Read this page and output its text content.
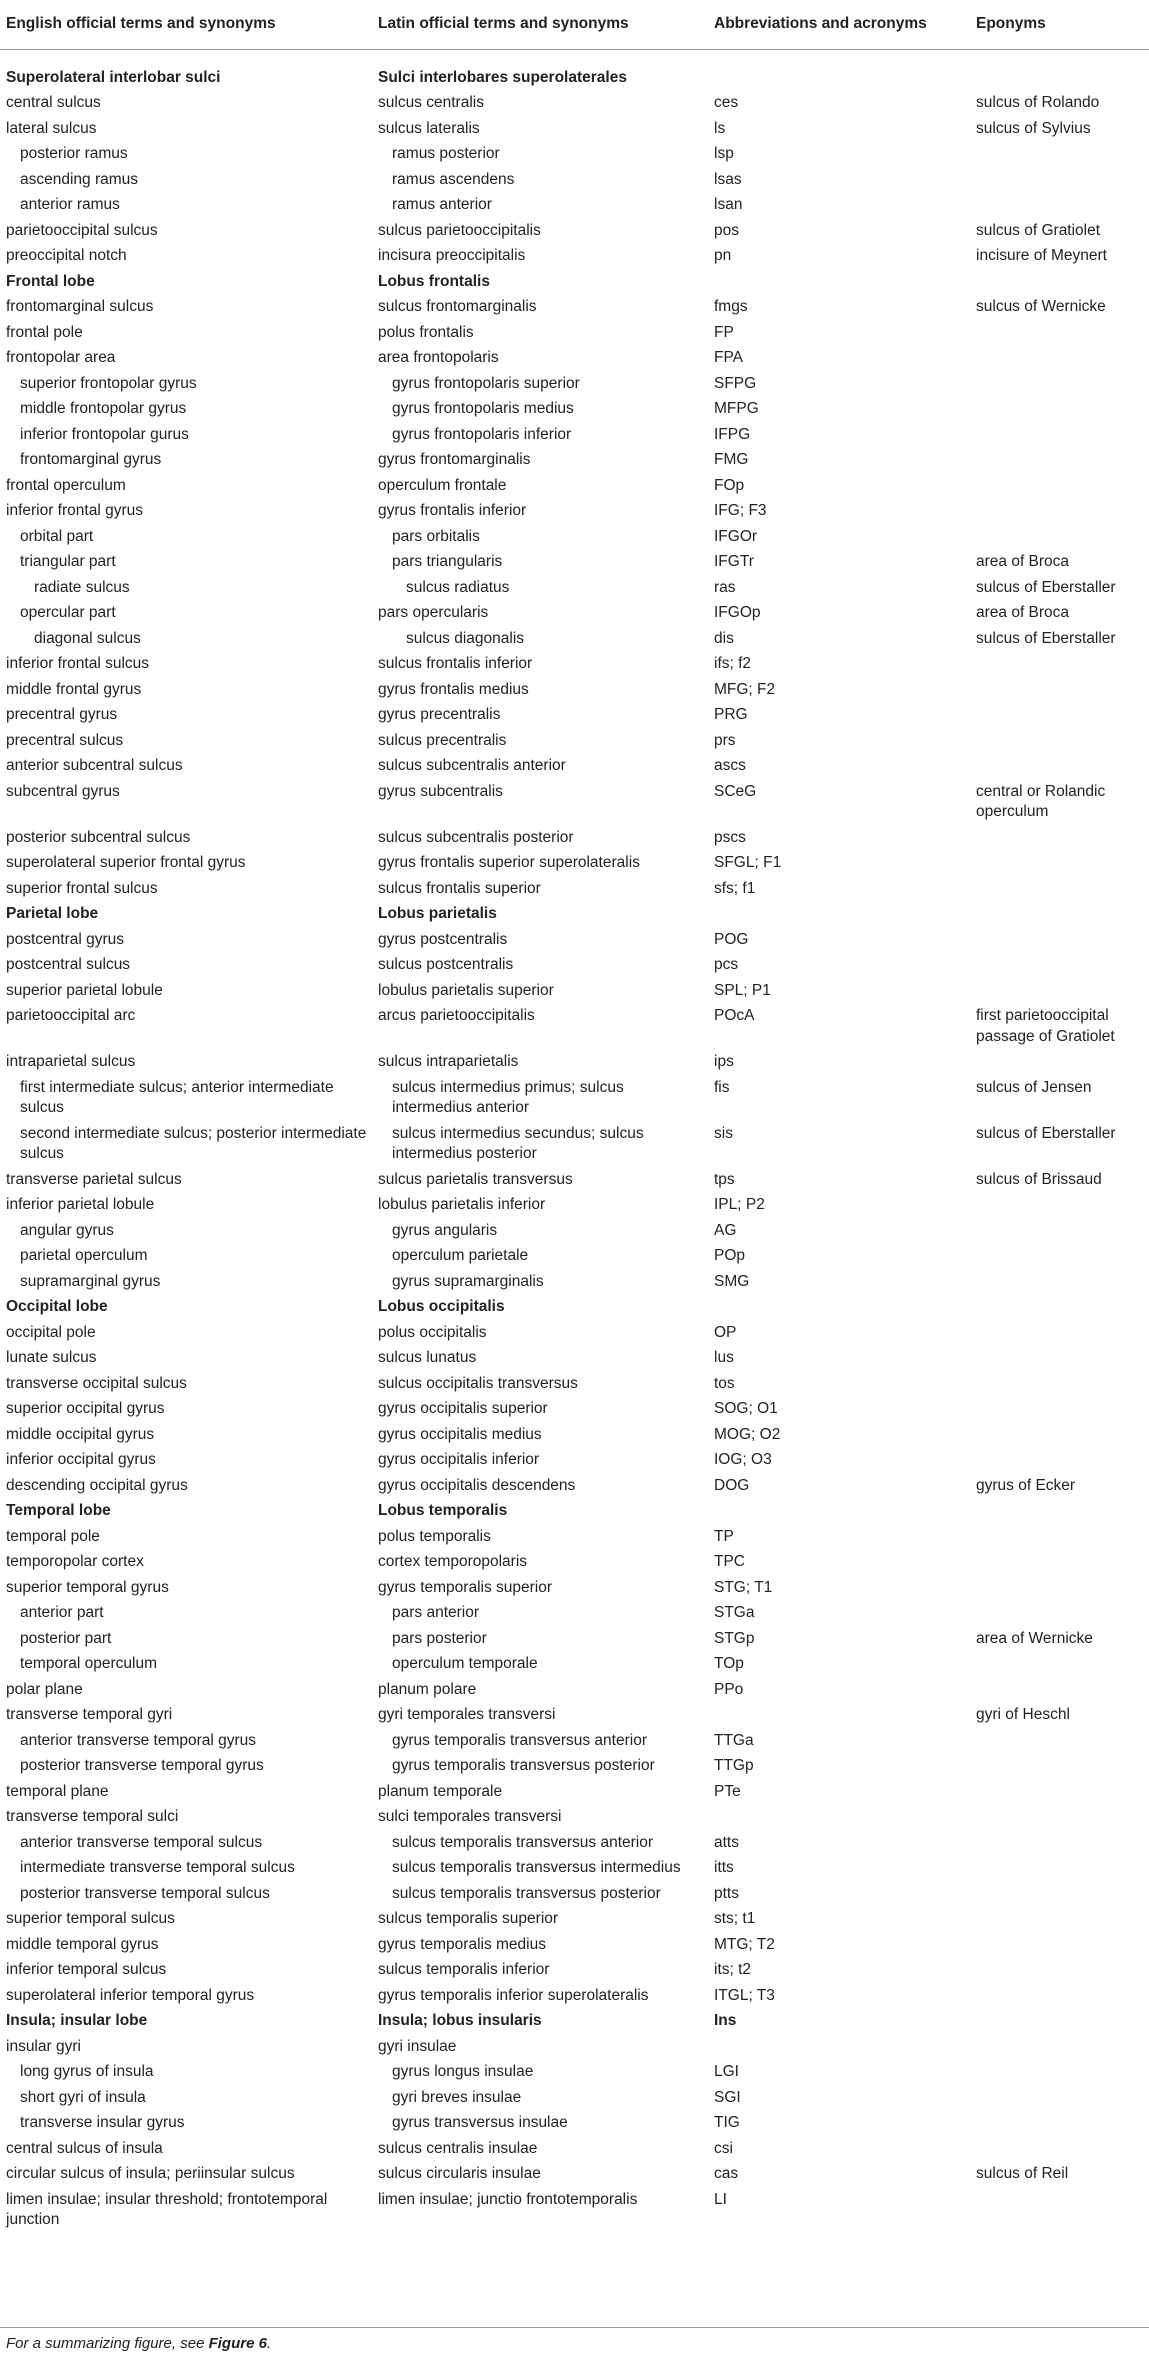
English official terms and synonyms	Latin official terms and synonyms	Abbreviations and acronyms	Eponyms
Superolateral interlobar sulci	Sulci interlobares superolaterales		
central sulcus	sulcus centralis	ces	sulcus of Rolando
lateral sulcus	sulcus lateralis	ls	sulcus of Sylvius
posterior ramus	ramus posterior	lsp	
ascending ramus	ramus ascendens	lsas	
anterior ramus	ramus anterior	lsan	
parietooccipital sulcus	sulcus parietooccipitalis	pos	sulcus of Gratiolet
preoccipital notch	incisura preoccipitalis	pn	incisure of Meynert
Frontal lobe	Lobus frontalis		
frontomarginal sulcus	sulcus frontomarginalis	fmgs	sulcus of Wernicke
frontal pole	polus frontalis	FP	
frontopolar area	area frontopolaris	FPA	
superior frontopolar gyrus	gyrus frontopolaris superior	SFPG	
middle frontopolar gyrus	gyrus frontopolaris medius	MFPG	
inferior frontopolar gurus	gyrus frontopolaris inferior	IFPG	
frontomarginal gyrus	gyrus frontomarginalis	FMG	
frontal operculum	operculum frontale	FOp	
inferior frontal gyrus	gyrus frontalis inferior	IFG; F3	
orbital part	pars orbitalis	IFGOr	
triangular part	pars triangularis	IFGTr	area of Broca
radiate sulcus	sulcus radiatus	ras	sulcus of Eberstaller
opercular part	pars opercularis	IFGOp	area of Broca
diagonal sulcus	sulcus diagonalis	dis	sulcus of Eberstaller
inferior frontal sulcus	sulcus frontalis inferior	ifs; f2	
middle frontal gyrus	gyrus frontalis medius	MFG; F2	
precentral gyrus	gyrus precentralis	PRG	
precentral sulcus	sulcus precentralis	prs	
anterior subcentral sulcus	sulcus subcentralis anterior	ascs	
subcentral gyrus	gyrus subcentralis	SCeG	central or Rolandic operculum
posterior subcentral sulcus	sulcus subcentralis posterior	pscs	
superolateral superior frontal gyrus	gyrus frontalis superior superolateralis	SFGL; F1	
superior frontal sulcus	sulcus frontalis superior	sfs; f1	
Parietal lobe	Lobus parietalis		
postcentral gyrus	gyrus postcentralis	POG	
postcentral sulcus	sulcus postcentralis	pcs	
superior parietal lobule	lobulus parietalis superior	SPL; P1	
parietooccipital arc	arcus parietooccipitalis	POcA	first parietooccipital passage of Gratiolet
intraparietal sulcus	sulcus intraparietalis	ips	
first intermediate sulcus; anterior intermediate sulcus	sulcus intermedius primus; sulcus intermedius anterior	fis	sulcus of Jensen
second intermediate sulcus; posterior intermediate sulcus	sulcus intermedius secundus; sulcus intermedius posterior	sis	sulcus of Eberstaller
transverse parietal sulcus	sulcus parietalis transversus	tps	sulcus of Brissaud
inferior parietal lobule	lobulus parietalis inferior	IPL; P2	
angular gyrus	gyrus angularis	AG	
parietal operculum	operculum parietale	POp	
supramarginal gyrus	gyrus supramarginalis	SMG	
Occipital lobe	Lobus occipitalis		
occipital pole	polus occipitalis	OP	
lunate sulcus	sulcus lunatus	lus	
transverse occipital sulcus	sulcus occipitalis transversus	tos	
superior occipital gyrus	gyrus occipitalis superior	SOG; O1	
middle occipital gyrus	gyrus occipitalis medius	MOG; O2	
inferior occipital gyrus	gyrus occipitalis inferior	IOG; O3	
descending occipital gyrus	gyrus occipitalis descendens	DOG	gyrus of Ecker
Temporal lobe	Lobus temporalis		
temporal pole	polus temporalis	TP	
temporopolar cortex	cortex temporopolaris	TPC	
superior temporal gyrus	gyrus temporalis superior	STG; T1	
anterior part	pars anterior	STGa	
posterior part	pars posterior	STGp	area of Wernicke
temporal operculum	operculum temporale	TOp	
polar plane	planum polare	PPo	
transverse temporal gyri	gyri temporales transversi		gyri of Heschl
anterior transverse temporal gyrus	gyrus temporalis transversus anterior	TTGa	
posterior transverse temporal gyrus	gyrus temporalis transversus posterior	TTGp	
temporal plane	planum temporale	PTe	
transverse temporal sulci	sulci temporales transversi		
anterior transverse temporal sulcus	sulcus temporalis transversus anterior	atts	
intermediate transverse temporal sulcus	sulcus temporalis transversus intermedius	itts	
posterior transverse temporal sulcus	sulcus temporalis transversus posterior	ptts	
superior temporal sulcus	sulcus temporalis superior	sts; t1	
middle temporal gyrus	gyrus temporalis medius	MTG; T2	
inferior temporal sulcus	sulcus temporalis inferior	its; t2	
superolateral inferior temporal gyrus	gyrus temporalis inferior superolateralis	ITGL; T3	
Insula; insular lobe	Insula; lobus insularis	Ins	
insular gyri	gyri insulae		
long gyrus of insula	gyrus longus insulae	LGI	
short gyri of insula	gyri breves insulae	SGI	
transverse insular gyrus	gyrus transversus insulae	TIG	
central sulcus of insula	sulcus centralis insulae	csi	
circular sulcus of insula; periinsular sulcus	sulcus circularis insulae	cas	sulcus of Reil
limen insulae; insular threshold; frontotemporal junction	limen insulae; junctio frontotemporalis	LI	
For a summarizing figure, see Figure 6.
